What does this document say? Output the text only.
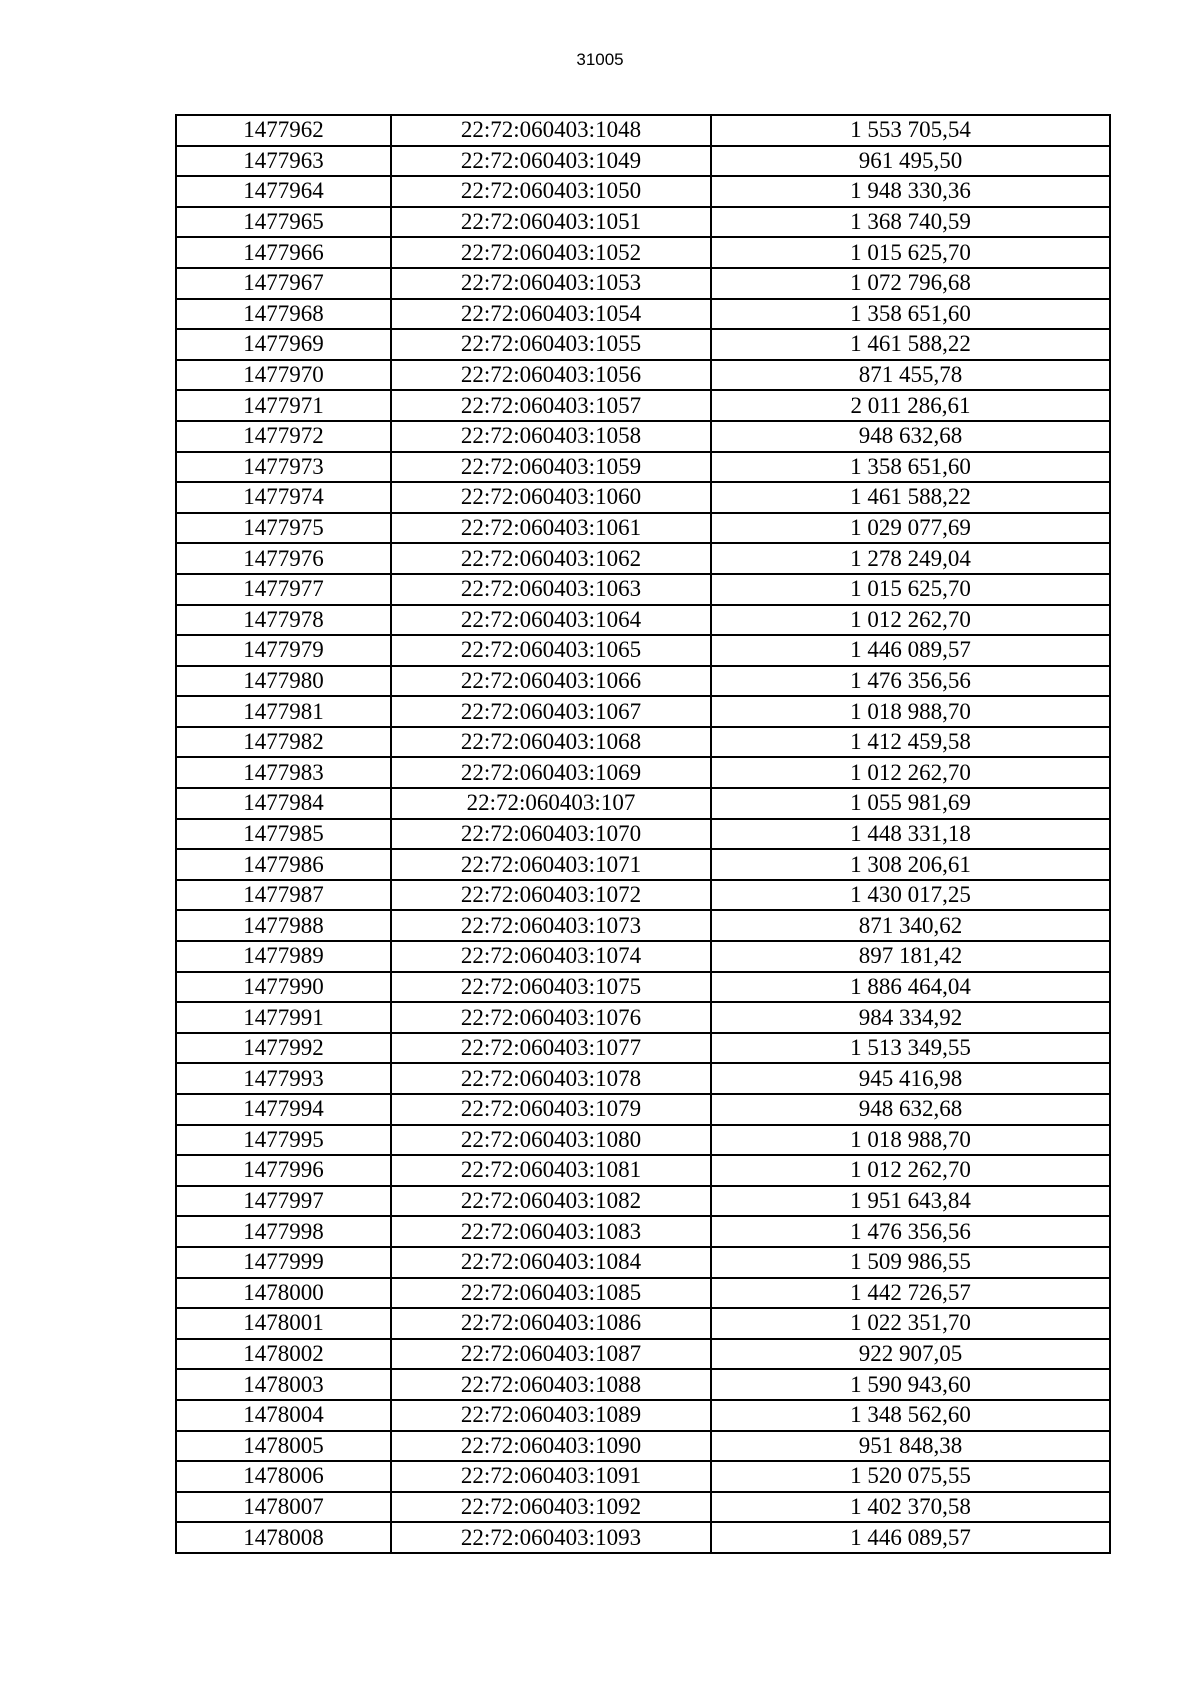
31005
1477962	22:72:060403:1048	1 553 705,54
1477963	22:72:060403:1049	961 495,50
1477964	22:72:060403:1050	1 948 330,36
1477965	22:72:060403:1051	1 368 740,59
1477966	22:72:060403:1052	1 015 625,70
1477967	22:72:060403:1053	1 072 796,68
1477968	22:72:060403:1054	1 358 651,60
1477969	22:72:060403:1055	1 461 588,22
1477970	22:72:060403:1056	871 455,78
1477971	22:72:060403:1057	2 011 286,61
1477972	22:72:060403:1058	948 632,68
1477973	22:72:060403:1059	1 358 651,60
1477974	22:72:060403:1060	1 461 588,22
1477975	22:72:060403:1061	1 029 077,69
1477976	22:72:060403:1062	1 278 249,04
1477977	22:72:060403:1063	1 015 625,70
1477978	22:72:060403:1064	1 012 262,70
1477979	22:72:060403:1065	1 446 089,57
1477980	22:72:060403:1066	1 476 356,56
1477981	22:72:060403:1067	1 018 988,70
1477982	22:72:060403:1068	1 412 459,58
1477983	22:72:060403:1069	1 012 262,70
1477984	22:72:060403:107	1 055 981,69
1477985	22:72:060403:1070	1 448 331,18
1477986	22:72:060403:1071	1 308 206,61
1477987	22:72:060403:1072	1 430 017,25
1477988	22:72:060403:1073	871 340,62
1477989	22:72:060403:1074	897 181,42
1477990	22:72:060403:1075	1 886 464,04
1477991	22:72:060403:1076	984 334,92
1477992	22:72:060403:1077	1 513 349,55
1477993	22:72:060403:1078	945 416,98
1477994	22:72:060403:1079	948 632,68
1477995	22:72:060403:1080	1 018 988,70
1477996	22:72:060403:1081	1 012 262,70
1477997	22:72:060403:1082	1 951 643,84
1477998	22:72:060403:1083	1 476 356,56
1477999	22:72:060403:1084	1 509 986,55
1478000	22:72:060403:1085	1 442 726,57
1478001	22:72:060403:1086	1 022 351,70
1478002	22:72:060403:1087	922 907,05
1478003	22:72:060403:1088	1 590 943,60
1478004	22:72:060403:1089	1 348 562,60
1478005	22:72:060403:1090	951 848,38
1478006	22:72:060403:1091	1 520 075,55
1478007	22:72:060403:1092	1 402 370,58
1478008	22:72:060403:1093	1 446 089,57
